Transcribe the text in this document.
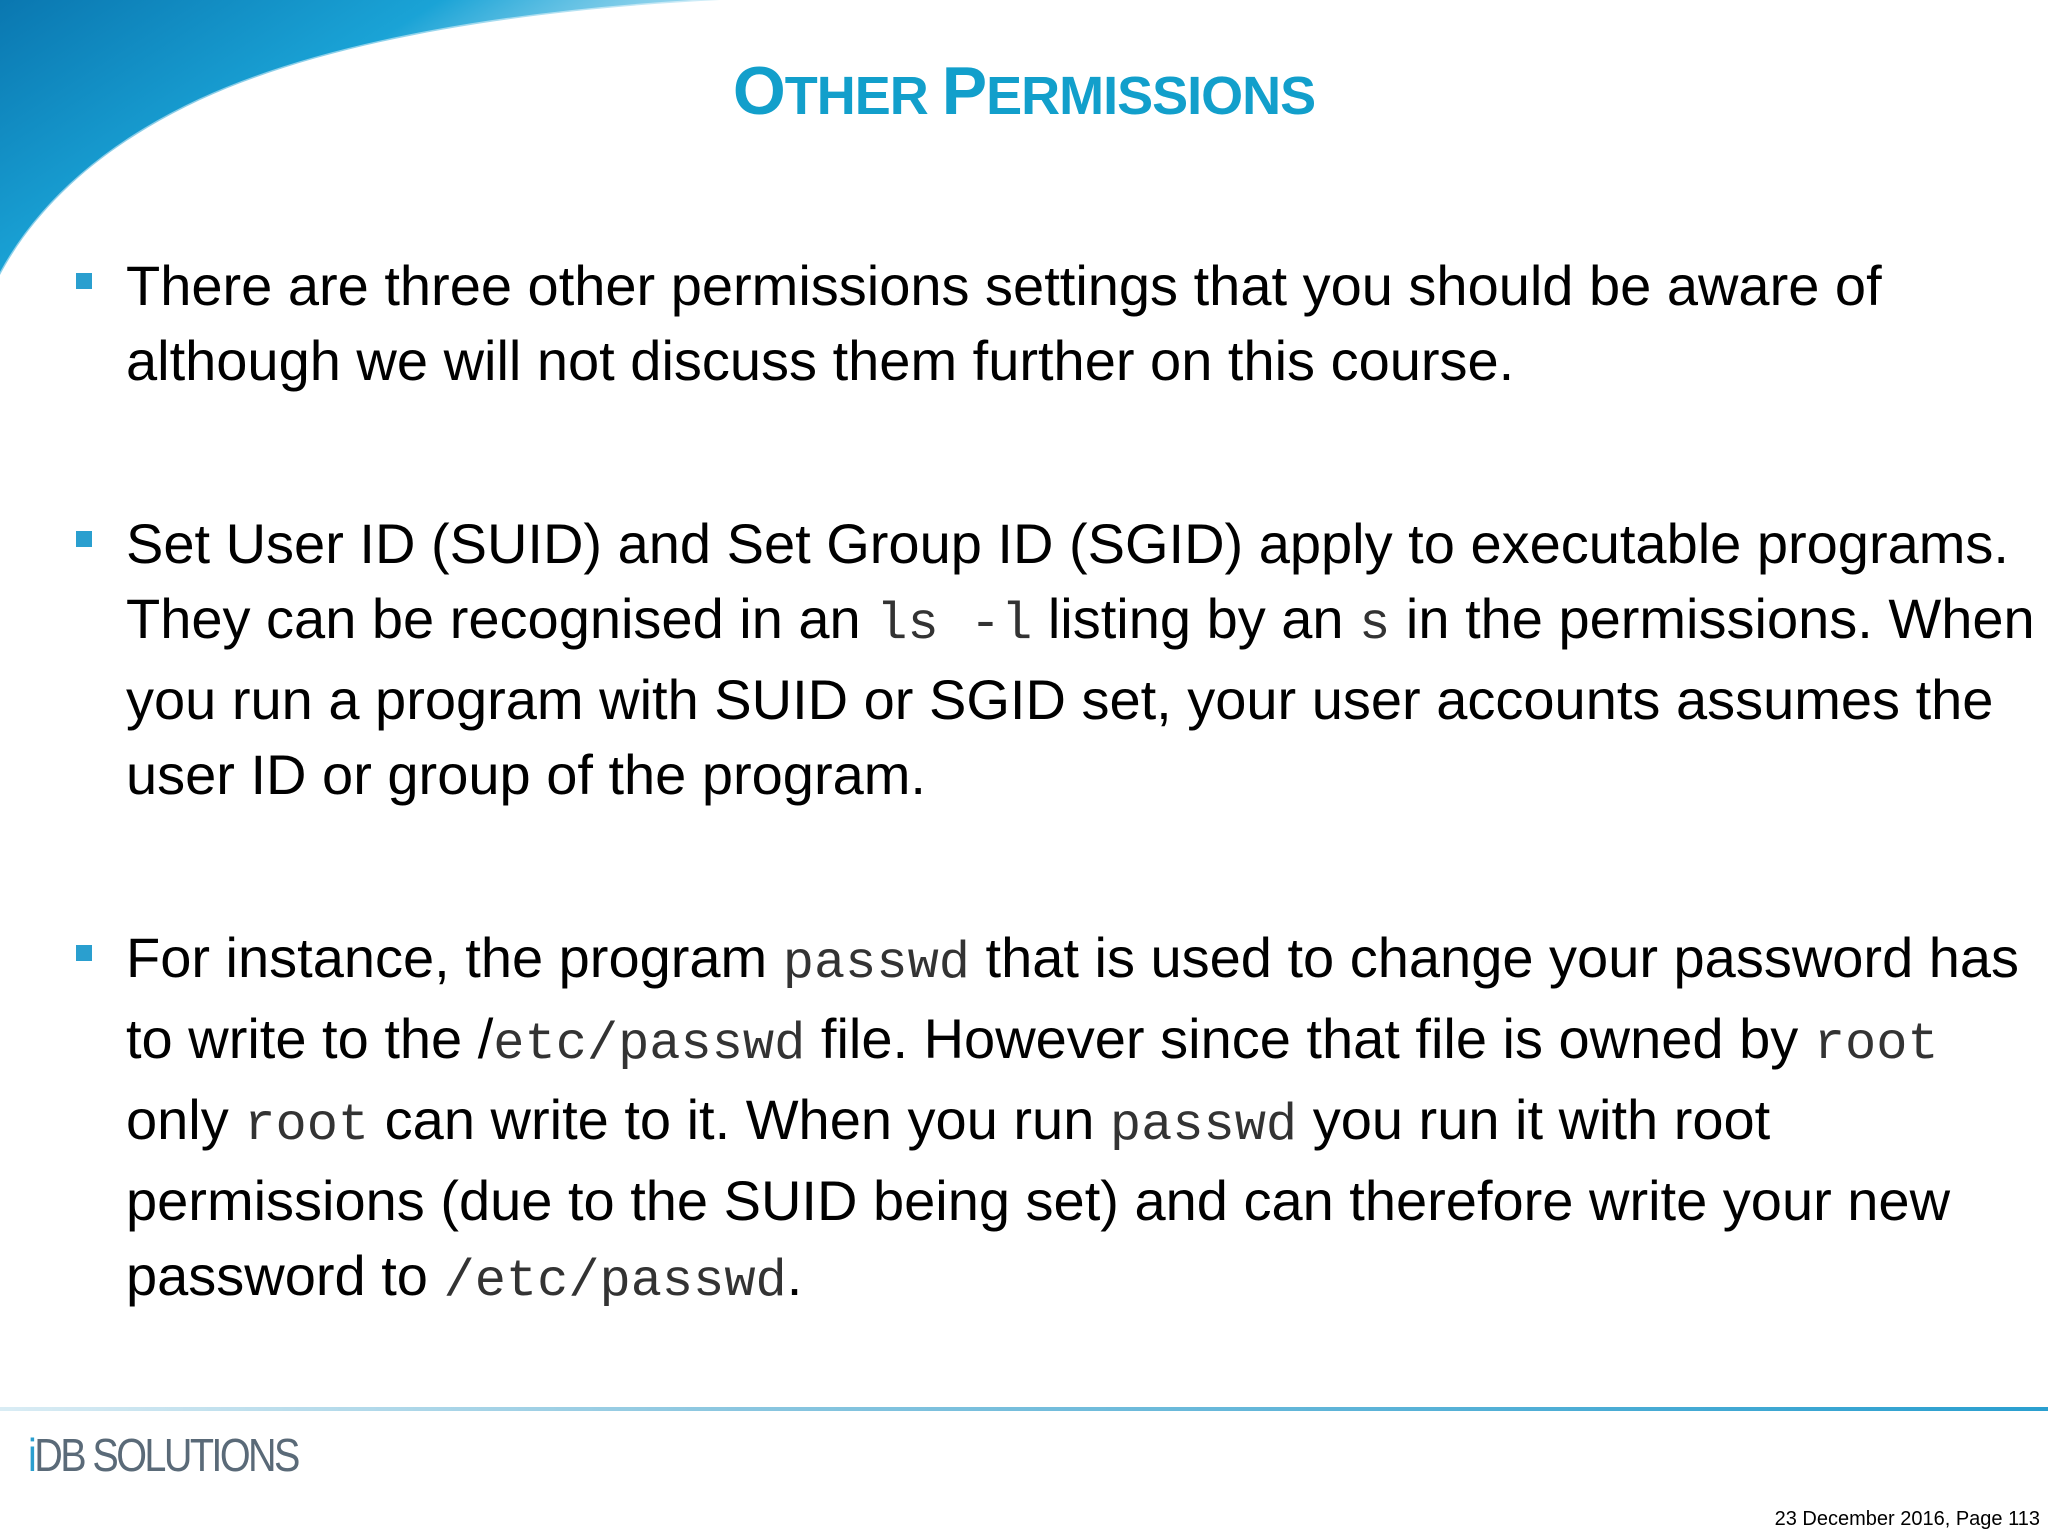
OTHER PERMISSIONS
There are three other permissions settings that you should be aware of although we will not discuss them further on this course.
Set User ID (SUID) and Set Group ID (SGID) apply to executable programs. They can be recognised in an ls -l listing by an s in the permissions. When you run a program with SUID or SGID set, your user accounts assumes the user ID or group of the program.
For instance, the program passwd that is used to change your password has to write to the /etc/passwd file. However since that file is owned by root only root can write to it. When you run passwd you run it with root permissions (due to the SUID being set) and can therefore write your new password to /etc/passwd.
iDB SOLUTIONS
23 December 2016, Page 113
